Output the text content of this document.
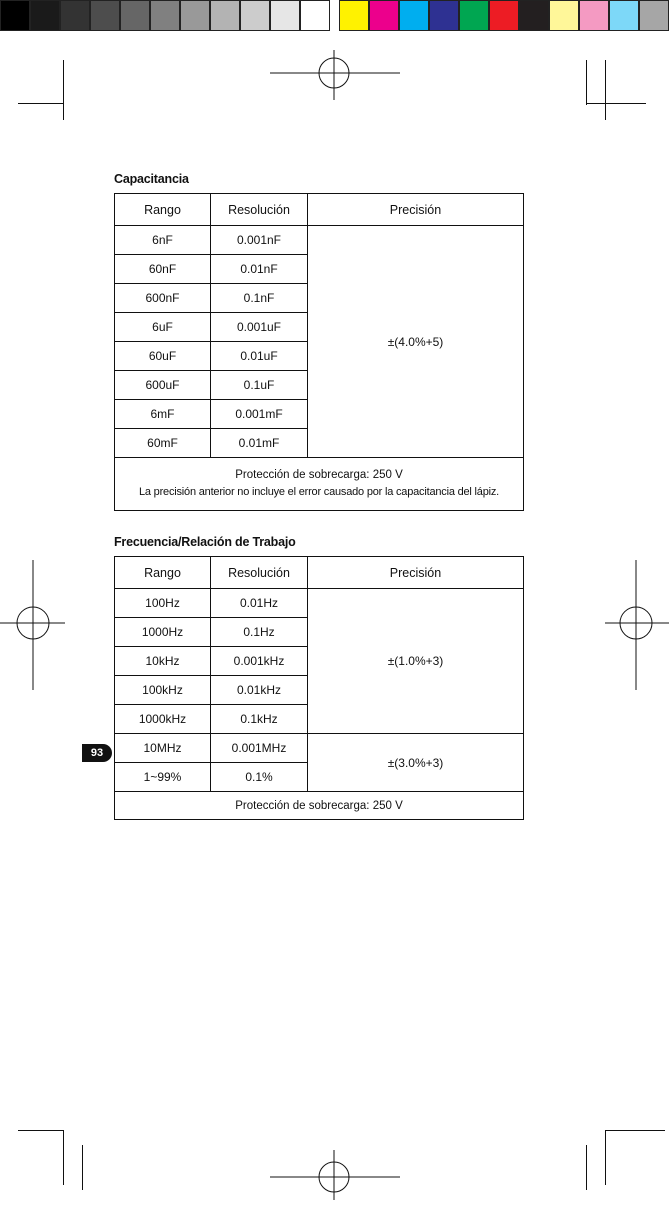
Capacitancia
Rango	Resolución	Precisión
6nF	0.001nF	±(4.0%+5)
60nF	0.01nF	
600nF	0.1nF	
6uF	0.001uF	
60uF	0.01uF	
600uF	0.1uF	
6mF	0.001mF	
60mF	0.01mF	

Protección de sobrecarga: 250 V
La precisión anterior no incluye el error causado por la capacitancia del lápiz.		
Frecuencia/Relación de Trabajo
Rango	Resolución	Precisión
100Hz	0.01Hz	±(1.0%+3)
1000Hz	0.1Hz	
10kHz	0.001kHz	
100kHz	0.01kHz	
1000kHz	0.1kHz	
10MHz	0.001MHz	±(3.0%+3)
1~99%	0.1%	
Protección de sobrecarga: 250 V		
93
